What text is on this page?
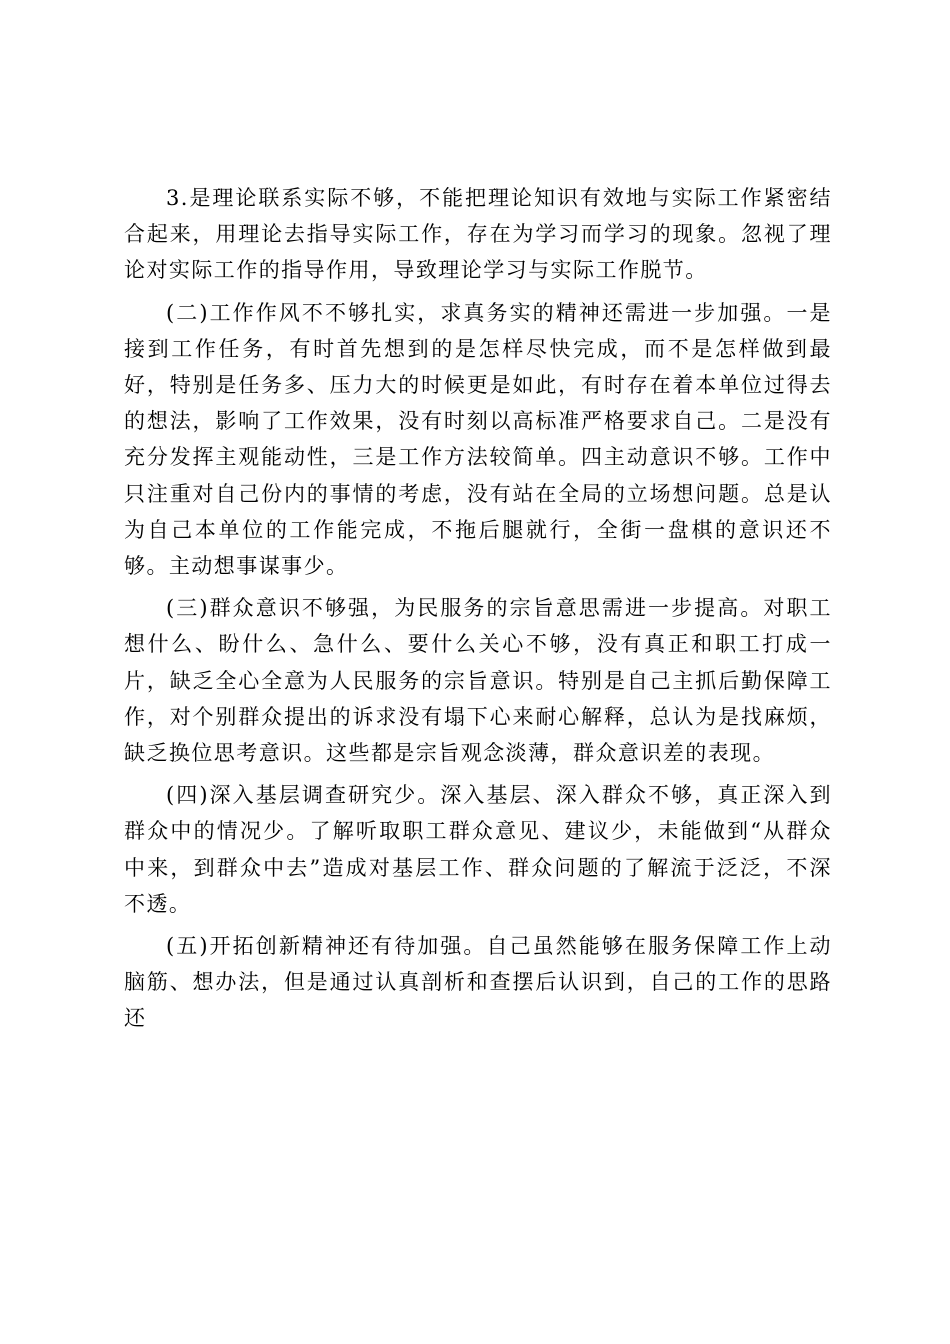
3.是理论联系实际不够，不能把理论知识有效地与实际工作紧密结合起来，用理论去指导实际工作，存在为学习而学习的现象。忽视了理论对实际工作的指导作用，导致理论学习与实际工作脱节。

(二)工作作风不不够扎实，求真务实的精神还需进一步加强。一是接到工作任务，有时首先想到的是怎样尽快完成，而不是怎样做到最好，特别是任务多、压力大的时候更是如此，有时存在着本单位过得去的想法，影响了工作效果，没有时刻以高标准严格要求自己。二是没有充分发挥主观能动性，三是工作方法较简单。四主动意识不够。工作中只注重对自己份内的事情的考虑，没有站在全局的立场想问题。总是认为自己本单位的工作能完成，不拖后腿就行，全街一盘棋的意识还不够。主动想事谋事少。

(三)群众意识不够强，为民服务的宗旨意思需进一步提高。对职工想什么、盼什么、急什么、要什么关心不够，没有真正和职工打成一片，缺乏全心全意为人民服务的宗旨意识。特别是自己主抓后勤保障工作，对个别群众提出的诉求没有塌下心来耐心解释，总认为是找麻烦，缺乏换位思考意识。这些都是宗旨观念淡薄，群众意识差的表现。

(四)深入基层调查研究少。深入基层、深入群众不够，真正深入到群众中的情况少。了解听取职工群众意见、建议少，未能做到“从群众中来，到群众中去”造成对基层工作、群众问题的了解流于泛泛，不深不透。

(五)开拓创新精神还有待加强。自己虽然能够在服务保障工作上动脑筋、想办法，但是通过认真剖析和查摆后认识到，自己的工作的思路还
